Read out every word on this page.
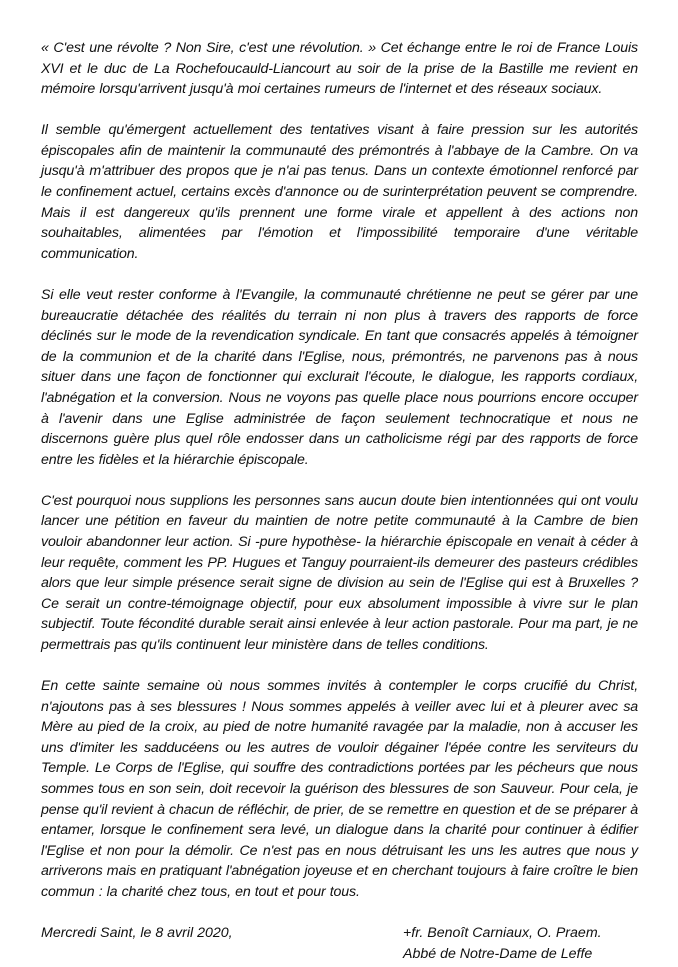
« C'est une révolte ? Non Sire, c'est une révolution. » Cet échange entre le roi de France Louis XVI et le duc de La Rochefoucauld-Liancourt au soir de la prise de la Bastille me revient en mémoire lorsqu'arrivent jusqu'à moi certaines rumeurs de l'internet et des réseaux sociaux.

Il semble qu'émergent actuellement des tentatives visant à faire pression sur les autorités épiscopales afin de maintenir la communauté des prémontrés à l'abbaye de la Cambre. On va jusqu'à m'attribuer des propos que je n'ai pas tenus. Dans un contexte émotionnel renforcé par le confinement actuel, certains excès d'annonce ou de surinterprétation peuvent se comprendre. Mais il est dangereux qu'ils prennent une forme virale et appellent à des actions non souhaitables, alimentées par l'émotion et l'impossibilité temporaire d'une véritable communication.

Si elle veut rester conforme à l'Evangile, la communauté chrétienne ne peut se gérer par une bureaucratie détachée des réalités du terrain ni non plus à travers des rapports de force déclinés sur le mode de la revendication syndicale. En tant que consacrés appelés à témoigner de la communion et de la charité dans l'Eglise, nous, prémontrés, ne parvenons pas à nous situer dans une façon de fonctionner qui exclurait l'écoute, le dialogue, les rapports cordiaux, l'abnégation et la conversion. Nous ne voyons pas quelle place nous pourrions encore occuper à l'avenir dans une Eglise administrée de façon seulement technocratique et nous ne discernons guère plus quel rôle endosser dans un catholicisme régi par des rapports de force entre les fidèles et la hiérarchie épiscopale.

C'est pourquoi nous supplions les personnes sans aucun doute bien intentionnées qui ont voulu lancer une pétition en faveur du maintien de notre petite communauté à la Cambre de bien vouloir abandonner leur action. Si -pure hypothèse- la hiérarchie épiscopale en venait à céder à leur requête, comment les PP. Hugues et Tanguy pourraient-ils demeurer des pasteurs crédibles alors que leur simple présence serait signe de division au sein de l'Eglise qui est à Bruxelles ? Ce serait un contre-témoignage objectif, pour eux absolument impossible à vivre sur le plan subjectif. Toute fécondité durable serait ainsi enlevée à leur action pastorale. Pour ma part, je ne permettrais pas qu'ils continuent leur ministère dans de telles conditions.

En cette sainte semaine où nous sommes invités à contempler le corps crucifié du Christ, n'ajoutons pas à ses blessures ! Nous sommes appelés à veiller avec lui et à pleurer avec sa Mère au pied de la croix, au pied de notre humanité ravagée par la maladie, non à accuser les uns d'imiter les sadducéens ou les autres de vouloir dégainer l'épée contre les serviteurs du Temple. Le Corps de l'Eglise, qui souffre des contradictions portées par les pécheurs que nous sommes tous en son sein, doit recevoir la guérison des blessures de son Sauveur. Pour cela, je pense qu'il revient à chacun de réfléchir, de prier, de se remettre en question et de se préparer à entamer, lorsque le confinement sera levé, un dialogue dans la charité pour continuer à édifier l'Eglise et non pour la démolir. Ce n'est pas en nous détruisant les uns les autres que nous y arriverons mais en pratiquant l'abnégation joyeuse et en cherchant toujours à faire croître le bien commun : la charité chez tous, en tout et pour tous.

Mercredi Saint, le 8 avril 2020,	+fr. Benoît Carniaux, O. Praem.
Abbé de Notre-Dame de Leffe
